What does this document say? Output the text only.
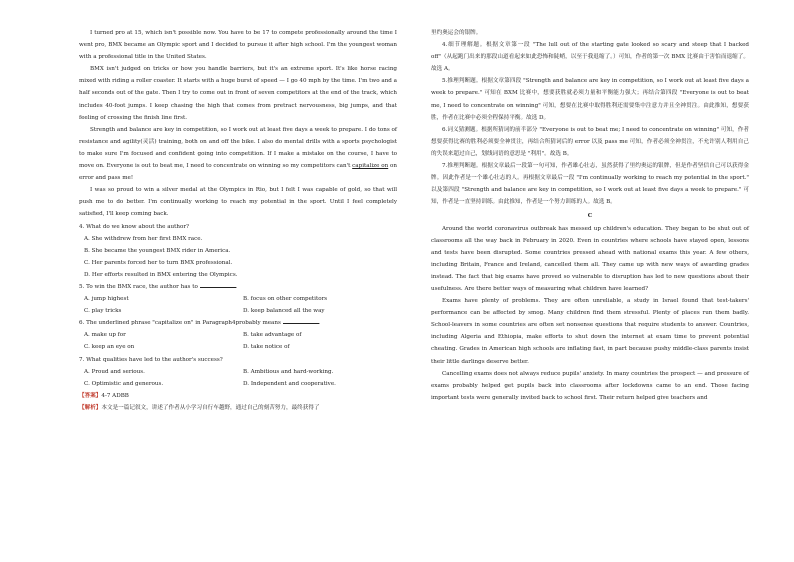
I turned pro at 15, which isn't possible now. You have to be 17 to compete professionally around the time I went pro, BMX became an Olympic sport and I decided to pursue it after high school. I'm the youngest woman with a professional title in the United States.

BMX isn't judged on tricks or how you handle barriers, but it's an extreme sport. It's like horse racing mixed with riding a roller coaster. It starts with a huge burst of speed — I go 40 mph by the time. I'm two and a half seconds out of the gate. Then I try to come out in front of seven competitors at the end of the track, which includes 40-foot jumps. I keep chasing the high that comes from pretract nervousness, big jumps, and that feeling of crossing the finish line first.

Strength and balance are key in competition, so I work out at least five days a week to prepare. I do tons of resistance and agility(灵活) training, both on and off the bike. I also do mental drills with a sports psychologist to make sure I'm focused and confident going into competition. If I make a mistake on the course, I have to move on. Everyone is out to beat me, I need to concentrate on winning so my competitors can't capitalize on on error and pass me!

I was so proud to win a silver medal at the Olympics in Rio, but I felt I was capable of gold, so that will push me to do better. I'm continually working to reach my potential in the sport. Until I feel completely satisfied, I'll keep coming back.

4. What do we know about the author?

A. She withdrew from her first BMX race.

B. She became the youngest BMX rider in America.

C. Her parents forced her to turn BMX professional.

D. Her efforts resulted in BMX entering the Olympics.

5. To win the BMX race, the author has to	.

A. jump highest	B. focus on other competitors
C. play tricks	D. keep balanced all the way

6. The underlined phrase "capitalize on" in Paragraph4probably means	.

A. make up for	B. take advantage of
C. keep an eye on	D. take notice of

7. What qualities have led to the author's success?

A. Proud and serious.	B. Ambitious and hard-working.
C. Optimistic and generous.	D. Independent and cooperative.

【答案】4-7 ADBB

【解析】本文是一篇记叙文，讲述了作者从小学习自行车越野，通过自己的刻苦努力，最终获得了

里约奥运会的银牌。

4.细节理解题。根据文章第一段 "The lull out of the starting gate looked so scary and steep that I backed off"（从起跑门出来的那段山道看起来如此恐怖和陡峭，以至于我退缩了。）可知，作者的第一次 BMX 比赛由于害怕而退缩了。故选 A。

5.推理判断题。根据文章第四段 "Strength and balance are key in competition, so I work out at least five days a week to prepare." 可知在 BXM 比赛中，想要获胜就必须力量和平衡能力强大；再结合第四段 "Everyone is out to beat me, I need to concentrate on winning" 可知，想要在比赛中取得胜利还需要集中注意力并且全神贯注。由此推知，想要获胜，作者在比赛中必须全程保持平衡。故选 D。

6.词义猜测题。根据所猜词的前半部分 "Everyone is out to beat me; I need to concentrate on winning" 可知，作者想要获得比赛的胜利必须要全神贯注，再结合所猜词后的 error 以及 pass me 可知，作者必须全神贯注，不允许别人利用自己的失误来超过自己，划线词语的意思是 "利用"。故选 B。

7.推理判断题。根据文章最后一段第一句可知，作者雄心壮志，虽然获得了里约奥运的银牌，但是作者坚信自己可以获得金牌。因此作者是一个雄心壮志的人。再根据文章最后一段 "I'm continually working to reach my potential in the sport." 以及第四段 "Strength and balance are key in competition, so I work out at least five days a week to prepare." 可知，作者是一直坚持训练。由此推知，作者是一个努力训练的人。故选 B。

C

Around the world coronavirus outbreak has messed up children's education. They began to be shut out of classrooms all the way back in February in 2020. Even in countries where schools have stayed open, lessons and tests have been disrupted. Some countries pressed ahead with national exams this year. A few others, including Britain, France and Ireland, cancelled them all. They came up with new ways of awarding grades instead. The fact that big exams have proved so vulnerable to disruption has led to new questions about their usefulness. Are there better ways of measuring what children have learned?

Exams have plenty of problems. They are often unreliable, a study in Israel found that test-takers' performance can be affected by smog. Many children find them stressful. Plenty of places run them badly. School-leavers in some countries are often set nonsense questions that require students to answer. Countries, including Algeria and Ethiopia, make efforts to shut down the internet at exam time to prevent potential cheating. Grades in American high schools are inflating fast, in part because pushy middle-class parents insist their little darlings deserve better.

Cancelling exams does not always reduce pupils' anxiety. In many countries the prospect — and pressure of exams probably helped get pupils back into classrooms after lockdowns came to an end. Those facing important tests were generally invited back to school first. Their return helped give teachers and
